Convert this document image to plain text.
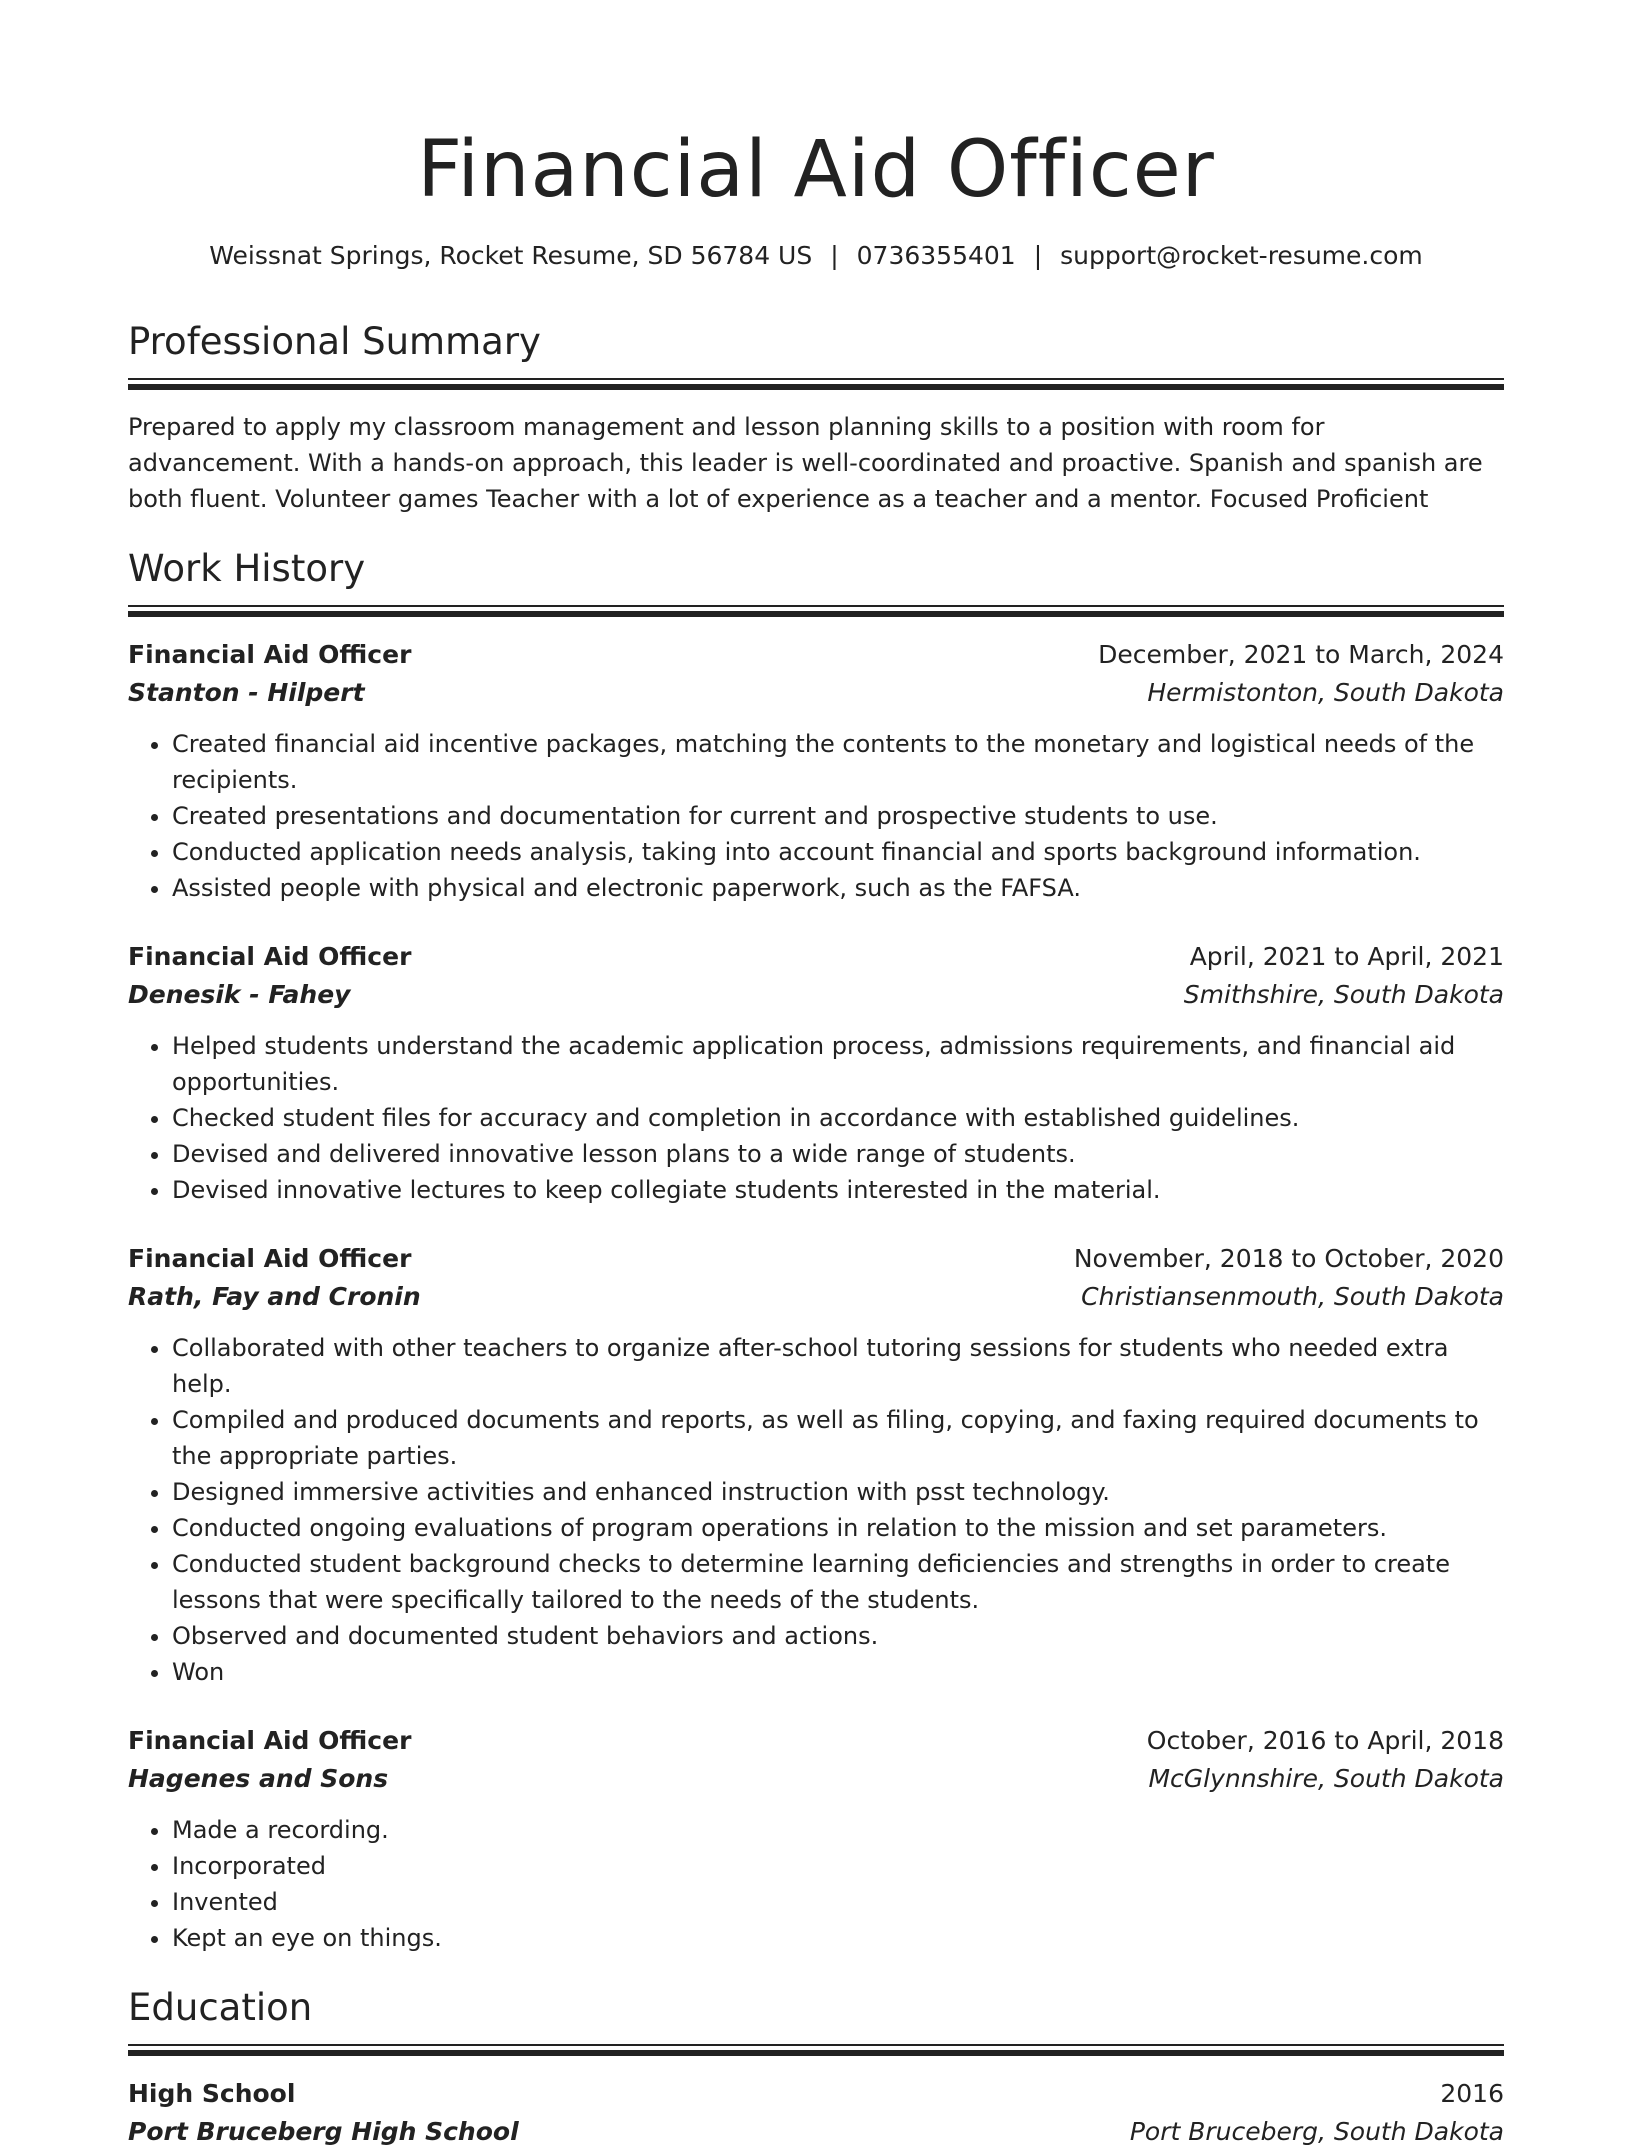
Financial Aid Officer
Weissnat Springs, Rocket Resume, SD 56784 US | 0736355401 | support@rocket-resume.com
Professional Summary

Prepared to apply my classroom management and lesson planning skills to a position with room for advancement. With a hands-on approach, this leader is well-coordinated and proactive. Spanish and spanish are both fluent. Volunteer games Teacher with a lot of experience as a teacher and a mentor. Focused Proficient

Work History
Financial Aid Officer	December, 2021 to March, 2024
Stanton - Hilpert	Hermistonton, South Dakota
• Created financial aid incentive packages, matching the contents to the monetary and logistical needs of the recipients.
• Created presentations and documentation for current and prospective students to use.
• Conducted application needs analysis, taking into account financial and sports background information.
• Assisted people with physical and electronic paperwork, such as the FAFSA.
Financial Aid Officer	April, 2021 to April, 2021
Denesik - Fahey	Smithshire, South Dakota
• Helped students understand the academic application process, admissions requirements, and financial aid opportunities.
• Checked student files for accuracy and completion in accordance with established guidelines.
• Devised and delivered innovative lesson plans to a wide range of students.
• Devised innovative lectures to keep collegiate students interested in the material.
Financial Aid Officer	November, 2018 to October, 2020
Rath, Fay and Cronin	Christiansenmouth, South Dakota
• Collaborated with other teachers to organize after-school tutoring sessions for students who needed extra help.
• Compiled and produced documents and reports, as well as filing, copying, and faxing required documents to the appropriate parties.
• Designed immersive activities and enhanced instruction with psst technology.
• Conducted ongoing evaluations of program operations in relation to the mission and set parameters.
• Conducted student background checks to determine learning deficiencies and strengths in order to create lessons that were specifically tailored to the needs of the students.
• Observed and documented student behaviors and actions.
• Won
Financial Aid Officer	October, 2016 to April, 2018
Hagenes and Sons	McGlynnshire, South Dakota
• Made a recording.
• Incorporated
• Invented
• Kept an eye on things.
Education
High School	2016
Port Bruceberg High School	Port Bruceberg, South Dakota
